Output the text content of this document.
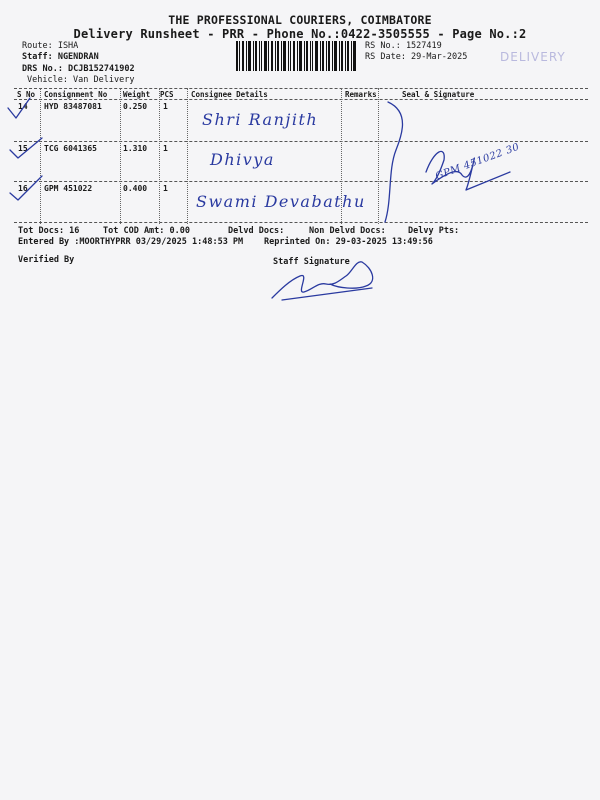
THE PROFESSIONAL COURIERS, COIMBATORE
Delivery Runsheet - PRR - Phone No.:0422-3505555 - Page No.:2
Route: ISHA
Staff: NGENDRAN
DRS No.: DCJB152741902
Vehicle: Van Delivery
RS No.: 1527419
RS Date: 29-Mar-2025	DELIVERY
S No Consignment No Weight PCS Consignee Details	Remarks	Seal & Signature
14 HYD 83487081	0.250 1
Shri Ranjith
15 TCG 6041365	1.310 1
Dhivya
16 GPM 451022	0.400 1
Swami Devabathu
GPM 451022 30
Tot Docs: 16	Tot COD Amt: 0.00	Delvd Docs:	Non Delvd Docs:	Delvy Pts:
Entered By :MOORTHYPRR 03/29/2025 1:48:53 PM Reprinted On: 29-03-2025 13:49:56
Verified By	Staff Signature
